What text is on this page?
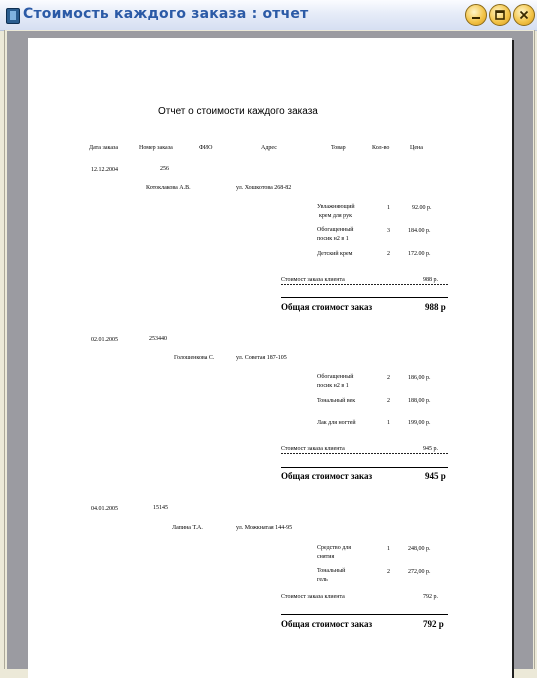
Стоимость каждого заказа : отчет
Отчет о стоимости каждого заказа
Дата заказа	Номер заказа	ФИО	Адрес	Товар	Кол-во	Цена
12.12.2004	256
Котоклакова А.В.	ул. Хошкотова 268-82
Увлажняющий
крем для рук
1	92.00 р.
Обогащенный
посик н2 в 1
3	184.00 р.
Детский крем	2	172.00 р.
Стоимост заказа клиента	988 р.
Общая стоимост заказ	988 р
02.01.2005	253440
Голошенкова С.	ул. Советая 187-105
Обогащенный
посик н2 в 1
2	186,00 р.
Тональный век	2	188,00 р.
Лак для ногтей	1	199,00 р.
Стоимост заказа клиента	945 р.
Общая стоимост заказ	945 р
04.01.2005	15145
Лапина Т.А.	ул. Можкнатая 144-95
Средство для
снятия
1	248,00 р.
Тональный
гель
2	272,00 р.
Стоимост заказа клиента	792 р.
Общая стоимост заказ	792 р
